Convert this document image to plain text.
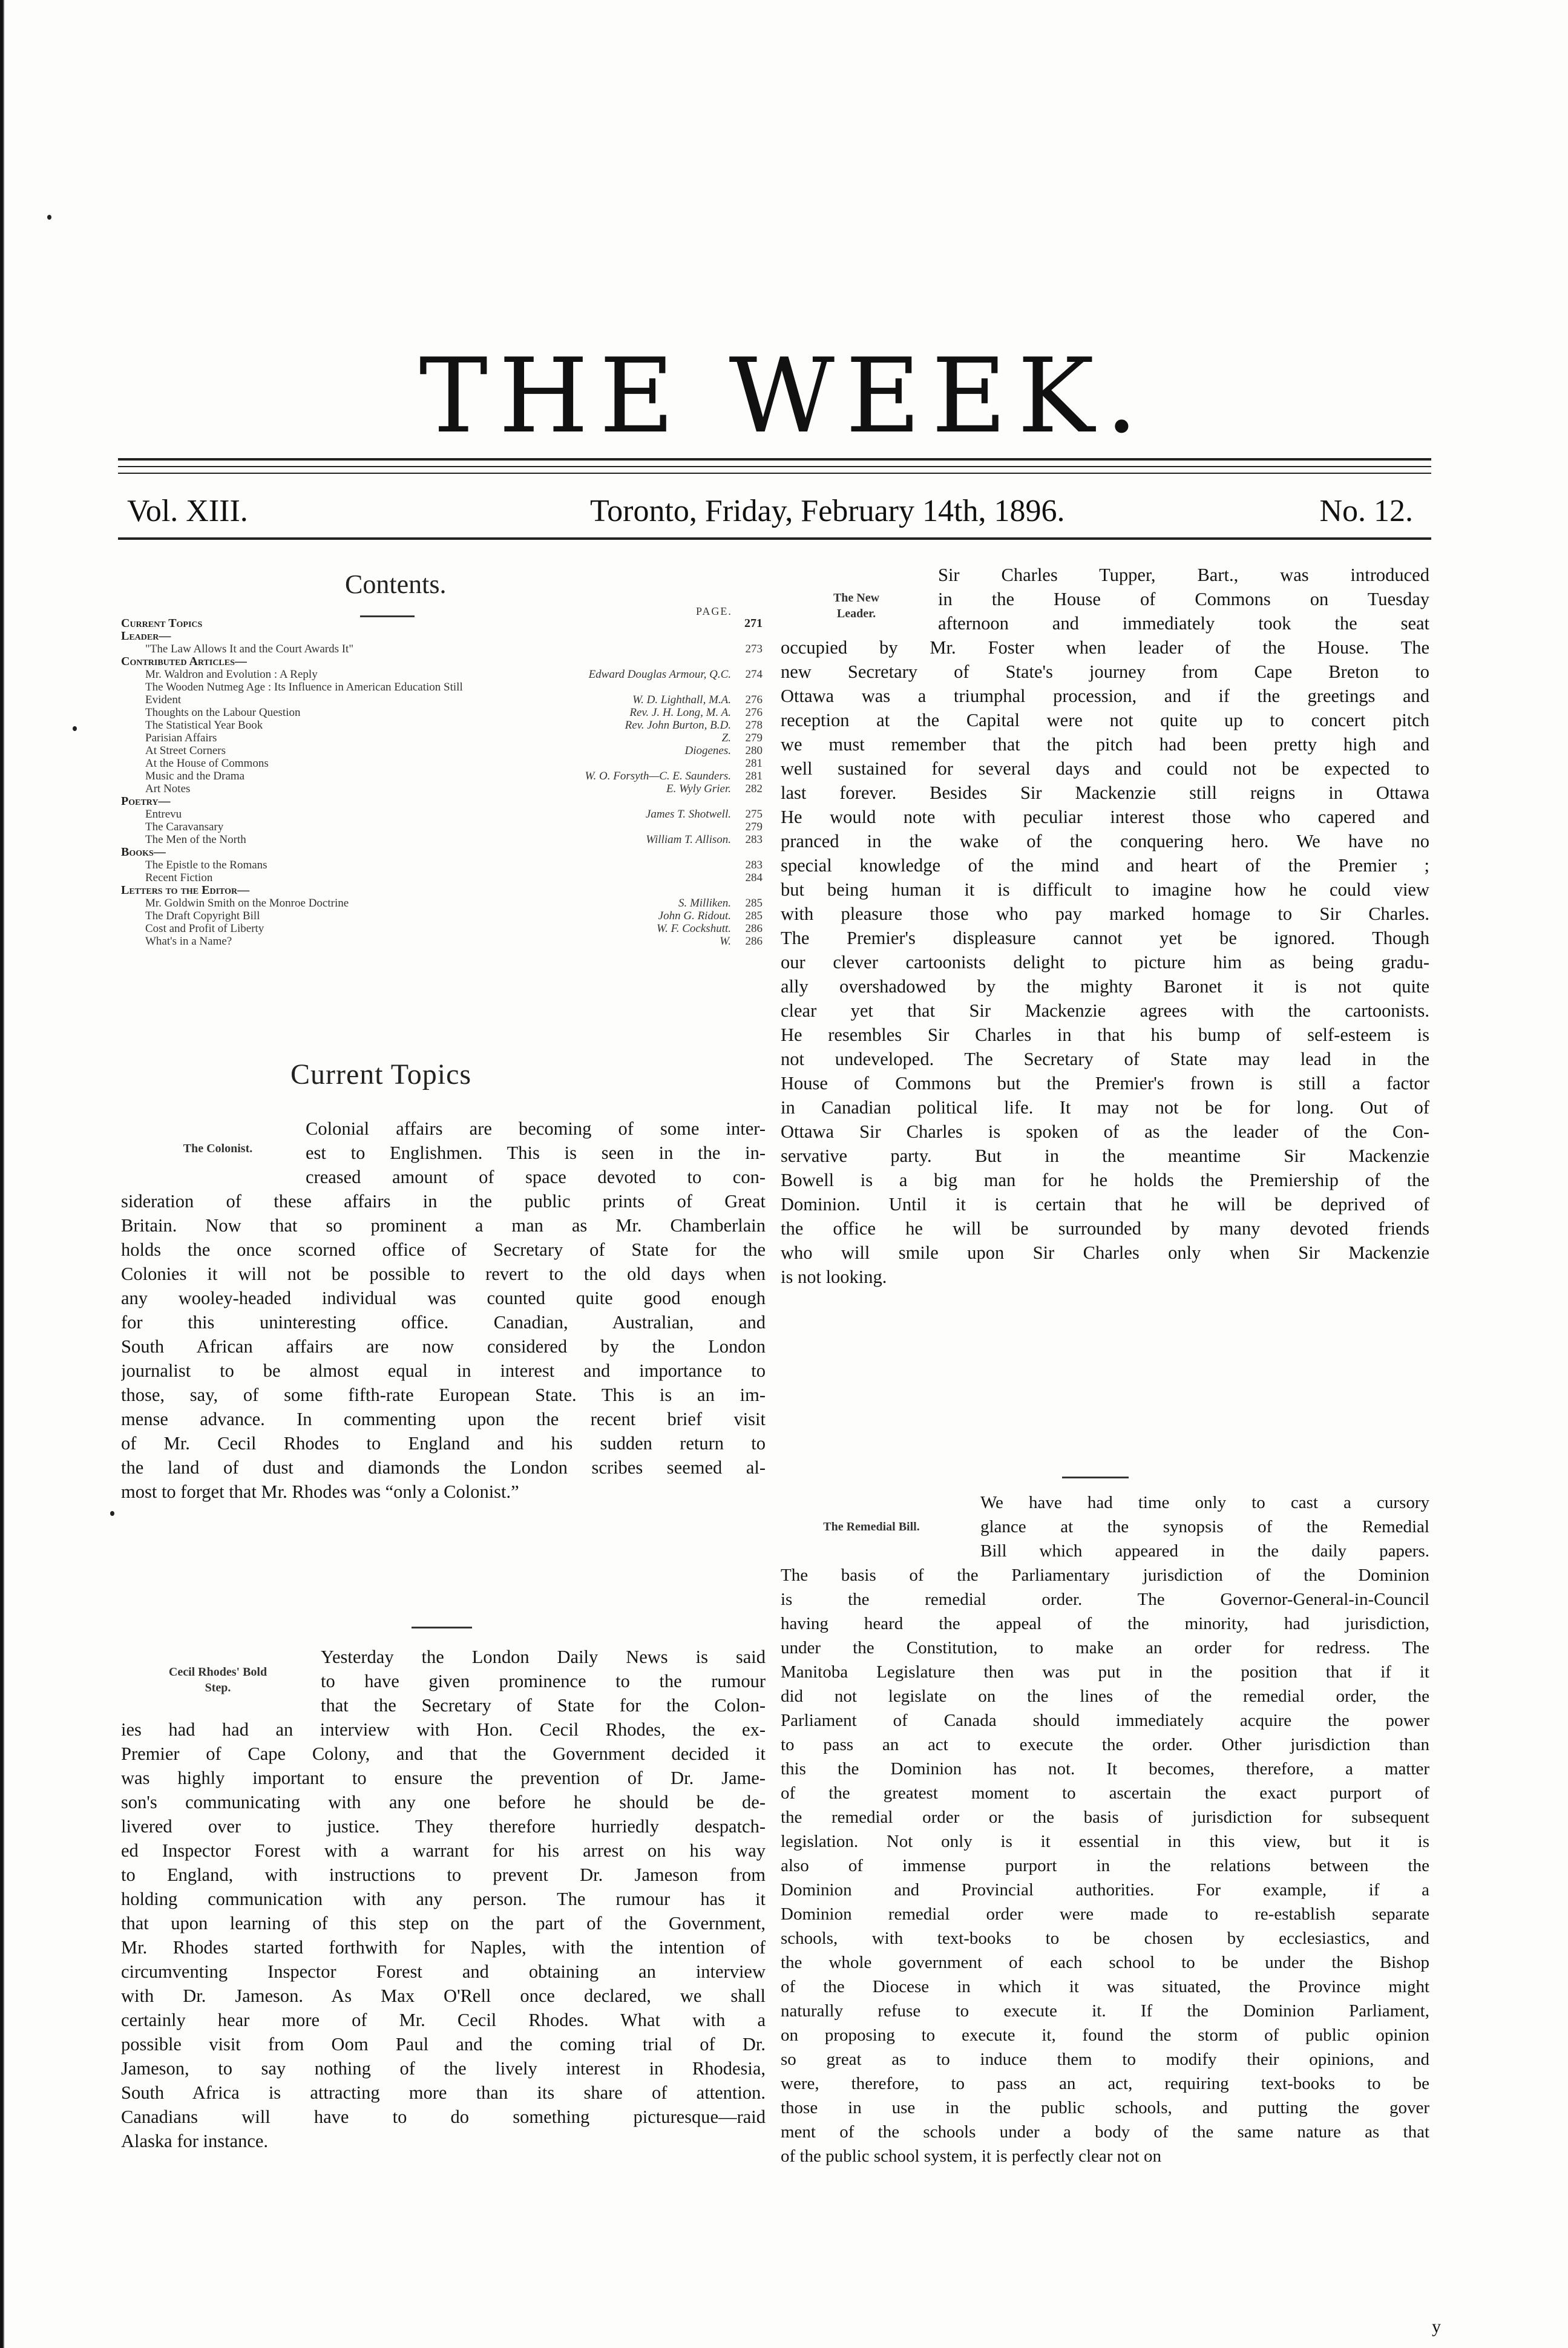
THE WEEK.
Vol. XIII.	Toronto, Friday, February 14th, 1896.	No. 12.
Contents.
PAGE.
Current Topics	271
Leader—
"The Law Allows It and the Court Awards It"	273
Contributed Articles—
Mr. Waldron and Evolution : A Reply	Edward Douglas Armour, Q.C.	274
The Wooden Nutmeg Age : Its Influence in American Education Still
Evident	W. D. Lighthall, M.A.	276
Thoughts on the Labour Question	Rev. J. H. Long, M. A.	276
The Statistical Year Book	Rev. John Burton, B.D.	278
Parisian Affairs	Z.	279
At Street Corners	Diogenes.	280
At the House of Commons	281
Music and the Drama	W. O. Forsyth—C. E. Saunders.	281
Art Notes	E. Wyly Grier.	282
Poetry—
Entrevu	James T. Shotwell.	275
The Caravansary	279
The Men of the North	William T. Allison.	283
Books—
The Epistle to the Romans	283
Recent Fiction	284
Letters to the Editor—
Mr. Goldwin Smith on the Monroe Doctrine	S. Milliken.	285
The Draft Copyright Bill	John G. Ridout.	285
Cost and Profit of Liberty	W. F. Cockshutt.	286
What's in a Name?	W.	286
Current Topics
The Colonist.
Colonial affairs are becoming of some inter-
est to Englishmen. This is seen in the in-
creased amount of space devoted to con-
sideration of these affairs in the public prints of Great
Britain. Now that so prominent a man as Mr. Chamberlain
holds the once scorned office of Secretary of State for the
Colonies it will not be possible to revert to the old days when
any wooley-headed individual was counted quite good enough
for this uninteresting office. Canadian, Australian, and
South African affairs are now considered by the London
journalist to be almost equal in interest and importance to
those, say, of some fifth-rate European State. This is an im-
mense advance. In commenting upon the recent brief visit
of Mr. Cecil Rhodes to England and his sudden return to
the land of dust and diamonds the London scribes seemed al-
most to forget that Mr. Rhodes was “only a Colonist.”
Cecil Rhodes' Bold Step.
Yesterday the London Daily News is said
to have given prominence to the rumour
that the Secretary of State for the Colon-
ies had had an interview with Hon. Cecil Rhodes, the ex-
Premier of Cape Colony, and that the Government decided it
was highly important to ensure the prevention of Dr. Jame-
son's communicating with any one before he should be de-
livered over to justice. They therefore hurriedly despatch-
ed Inspector Forest with a warrant for his arrest on his way
to England, with instructions to prevent Dr. Jameson from
holding communication with any person. The rumour has it
that upon learning of this step on the part of the Government,
Mr. Rhodes started forthwith for Naples, with the intention of
circumventing Inspector Forest and obtaining an interview
with Dr. Jameson. As Max O'Rell once declared, we shall
certainly hear more of Mr. Cecil Rhodes. What with a
possible visit from Oom Paul and the coming trial of Dr.
Jameson, to say nothing of the lively interest in Rhodesia,
South Africa is attracting more than its share of attention.
Canadians will have to do something picturesque—raid
Alaska for instance.
The New Leader.
Sir Charles Tupper, Bart., was introduced
in the House of Commons on Tuesday
afternoon and immediately took the seat
occupied by Mr. Foster when leader of the House. The
new Secretary of State's journey from Cape Breton to
Ottawa was a triumphal procession, and if the greetings and
reception at the Capital were not quite up to concert pitch
we must remember that the pitch had been pretty high and
well sustained for several days and could not be expected to
last forever. Besides Sir Mackenzie still reigns in Ottawa
He would note with peculiar interest those who capered and
pranced in the wake of the conquering hero. We have no
special knowledge of the mind and heart of the Premier ;
but being human it is difficult to imagine how he could view
with pleasure those who pay marked homage to Sir Charles.
The Premier's displeasure cannot yet be ignored. Though
our clever cartoonists delight to picture him as being gradu-
ally overshadowed by the mighty Baronet it is not quite
clear yet that Sir Mackenzie agrees with the cartoonists.
He resembles Sir Charles in that his bump of self-esteem is
not undeveloped. The Secretary of State may lead in the
House of Commons but the Premier's frown is still a factor
in Canadian political life. It may not be for long. Out of
Ottawa Sir Charles is spoken of as the leader of the Con-
servative party. But in the meantime Sir Mackenzie
Bowell is a big man for he holds the Premiership of the
Dominion. Until it is certain that he will be deprived of
the office he will be surrounded by many devoted friends
who will smile upon Sir Charles only when Sir Mackenzie
is not looking.
The Remedial Bill.
We have had time only to cast a cursory
glance at the synopsis of the Remedial
Bill which appeared in the daily papers.
The basis of the Parliamentary jurisdiction of the Dominion
is the remedial order. The Governor-General-in-Council
having heard the appeal of the minority, had jurisdiction,
under the Constitution, to make an order for redress. The
Manitoba Legislature then was put in the position that if it
did not legislate on the lines of the remedial order, the
Parliament of Canada should immediately acquire the power
to pass an act to execute the order. Other jurisdiction than
this the Dominion has not. It becomes, therefore, a matter
of the greatest moment to ascertain the exact purport of
the remedial order or the basis of jurisdiction for subsequent
legislation. Not only is it essential in this view, but it is
also of immense purport in the relations between the
Dominion and Provincial authorities. For example, if a
Dominion remedial order were made to re-establish separate
schools, with text-books to be chosen by ecclesiastics, and
the whole government of each school to be under the Bishop
of the Diocese in which it was situated, the Province might
naturally refuse to execute it. If the Dominion Parliament,
on proposing to execute it, found the storm of public opinion
so great as to induce them to modify their opinions, and
were, therefore, to pass an act, requiring text-books to be
those in use in the public schools, and putting the gover
ment of the schools under a body of the same nature as that
of the public school system, it is perfectly clear not on
y
